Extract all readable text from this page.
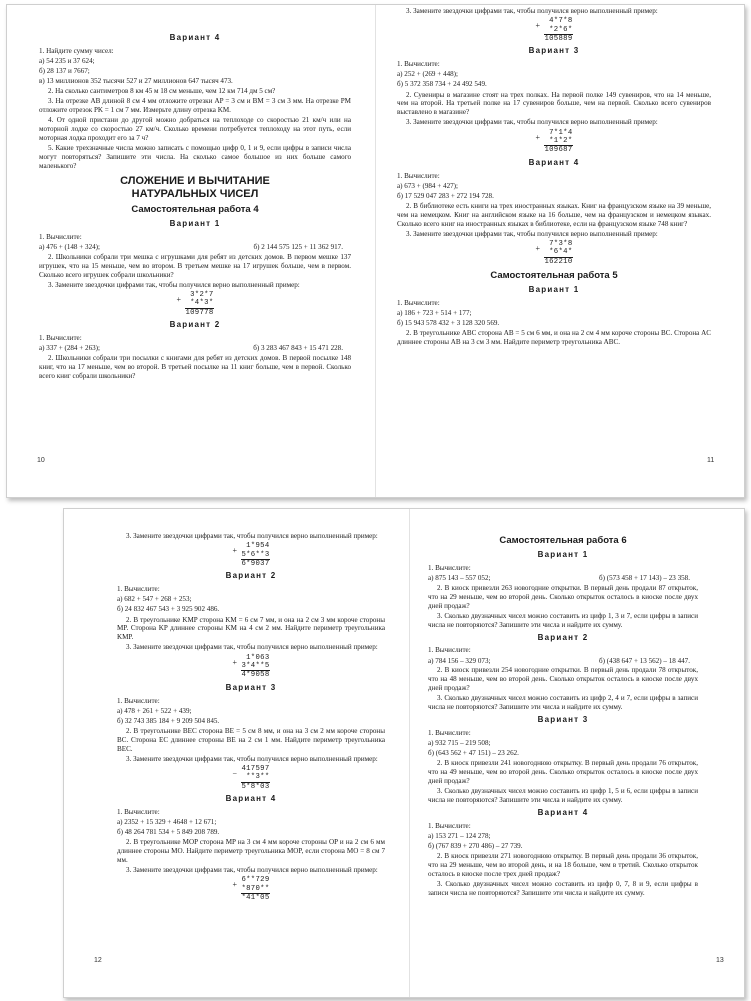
Вариант 4

1. Найдите сумму чисел:

а) 54 235 и 37 624;

б) 28 137 и 7667;

в) 13 миллионов 352 тысячи 527 и 27 миллионов 647 тысяч 473.

2. На сколько сантиметров 8 км 45 м 18 см меньше, чем 12 км 714 дм 5 см?

3. На отрезке AB длиной 8 см 4 мм отложите отрезки AP = 3 см и BM = 3 см 3 мм. На отрезке PM отложите отрезок PK = 1 см 7 мм. Измерьте длину отрезка KM.

4. От одной пристани до другой можно добраться на теплоходе со скоростью 21 км/ч или на моторной лодке со скоростью 27 км/ч. Сколько времени потребуется теплоходу на этот путь, если моторная лодка проходит его за 7 ч?

5. Какие трехзначные числа можно записать с помощью цифр 0, 1 и 9, если цифры в записи числа могут повторяться? Запишите эти числа. На сколько самое большое из них больше самого маленького?

СЛОЖЕНИЕ И ВЫЧИТАНИЕ
НАТУРАЛЬНЫХ ЧИСЕЛ
Самостоятельная работа 4
Вариант 1

1. Вычислите:

а) 476 + (148 + 324);	б) 2 144 575 125 + 11 362 917.

2. Школьники собрали три мешка с игрушками для ребят из детских домов. В первом мешке 137 игрушек, что на 15 меньше, чем во втором. В третьем мешке на 17 игрушек больше, чем в первом. Сколько всего игрушек собрали школьники?

3. Замените звездочки цифрами так, чтобы получился верно выполненный пример:

+	3*2*7
*4*3*
109778
Вариант 2

1. Вычислите:

а) 337 + (284 + 263);	б) 3 283 467 843 + 15 471 228.

2. Школьники собрали три посылки с книгами для ребят из детских домов. В первой посылке 148 книг, что на 17 меньше, чем во второй. В третьей посылке на 11 книг больше, чем в первой. Сколько всего книг собрали школьники?

10

3. Замените звездочки цифрами так, чтобы получился верно выполненный пример:

+	4*7*8
*2*6*
105889
Вариант 3

1. Вычислите:

а) 252 + (269 + 448);

б) 5 372 358 734 + 24 492 549.

2. Сувениры в магазине стоят на трех полках. На первой полке 149 сувениров, что на 14 меньше, чем на второй. На третьей полке на 17 сувениров больше, чем на первой. Сколько всего сувениров выставлено в магазине?

3. Замените звездочки цифрами так, чтобы получился верно выполненный пример:

+	7*1*4
*1*2*
109687
Вариант 4

1. Вычислите:

а) 673 + (984 + 427);

б) 17 529 047 283 + 272 194 728.

2. В библиотеке есть книги на трех иностранных языках. Книг на французском языке на 39 меньше, чем на немецком. Книг на английском языке на 16 больше, чем на французском и немецком языках. Сколько всего книг на иностранных языках в библиотеке, если на французском языке 748 книг?

3. Замените звездочки цифрами так, чтобы получился верно выполненный пример:

+	7*3*8
*6*4*
162210
Самостоятельная работа 5
Вариант 1

1. Вычислите:

а) 186 + 723 + 514 + 177;

б) 15 943 578 432 + 3 128 320 569.

2. В треугольнике ABC сторона AB = 5 см 6 мм, и она на 2 см 4 мм короче стороны BC. Сторона AC длиннее стороны AB на 3 см 3 мм. Найдите периметр треугольника ABC.

11

3. Замените звездочки цифрами так, чтобы получился верно выполненный пример:

+	1*954
5*6**3
6*9037
Вариант 2

1. Вычислите:

а) 682 + 547 + 268 + 253;

б) 24 832 467 543 + 3 925 902 486.

2. В треугольнике KMP сторона KM = 6 см 7 мм, и она на 2 см 3 мм короче стороны MP. Сторона KP длиннее стороны KM на 4 см 2 мм. Найдите периметр треугольника KMP.

3. Замените звездочки цифрами так, чтобы получился верно выполненный пример:

+	1*063
3*4**5
4*9058
Вариант 3

1. Вычислите:

а) 478 + 261 + 522 + 439;

б) 32 743 385 184 + 9 209 504 845.

2. В треугольнике BEC сторона BE = 5 см 8 мм, и она на 3 см 2 мм короче стороны BC. Сторона EC длиннее стороны BE на 2 см 1 мм. Найдите периметр треугольника BEC.

3. Замените звездочки цифрами так, чтобы получился верно выполненный пример:

− 417597
**3**
5*8*03
Вариант 4

1. Вычислите:

а) 2352 + 15 329 + 4648 + 12 671;

б) 48 264 781 534 + 5 849 208 789.

2. В треугольнике MOP сторона MP на 3 см 4 мм короче стороны OP и на 2 см 6 мм длиннее стороны MO. Найдите периметр треугольника MOP, если сторона MO = 8 см 7 мм.

3. Замените звездочки цифрами так, чтобы получился верно выполненный пример:

+ 6**729
*870**
*41*05
12
Самостоятельная работа 6
Вариант 1

1. Вычислите:

а) 875 143 – 557 052;	б) (573 458 + 17 143) – 23 358.

2. В киоск привезли 263 новогодние открытки. В первый день продали 87 открыток, что на 29 меньше, чем во второй день. Сколько открыток осталось в киоске после двух дней продаж?

3. Сколько двузначных чисел можно составить из цифр 1, 3 и 7, если цифры в записи числа не повторяются? Запишите эти числа и найдите их сумму.

Вариант 2

1. Вычислите:

а) 784 156 – 329 073;	б) (438 647 + 13 562) – 18 447.

2. В киоск привезли 254 новогодние открытки. В первый день продали 78 открыток, что на 48 меньше, чем во второй день. Сколько открыток осталось в киоске после двух дней продаж?

3. Сколько двузначных чисел можно составить из цифр 2, 4 и 7, если цифры в записи числа не повторяются? Запишите эти числа и найдите их сумму.

Вариант 3

1. Вычислите:

а) 932 715 – 219 508;

б) (643 562 + 47 151) – 23 262.

2. В киоск привезли 241 новогоднюю открытку. В первый день продали 76 открыток, что на 49 меньше, чем во второй день. Сколько открыток осталось в киоске после двух дней продаж?

3. Сколько двузначных чисел можно составить из цифр 1, 5 и 6, если цифры в записи числа не повторяются? Запишите эти числа и найдите их сумму.

Вариант 4

1. Вычислите:

а) 153 271 – 124 278;

б) (767 839 + 270 486) – 27 739.

2. В киоск привезли 271 новогоднюю открытку. В первый день продали 36 открыток, что на 29 меньше, чем во второй день, и на 18 больше, чем в третий. Сколько открыток осталось в киоске после трех дней продаж?

3. Сколько двузначных чисел можно составить из цифр 0, 7, 8 и 9, если цифры в записи числа не повторяются? Запишите эти числа и найдите их сумму.

13
